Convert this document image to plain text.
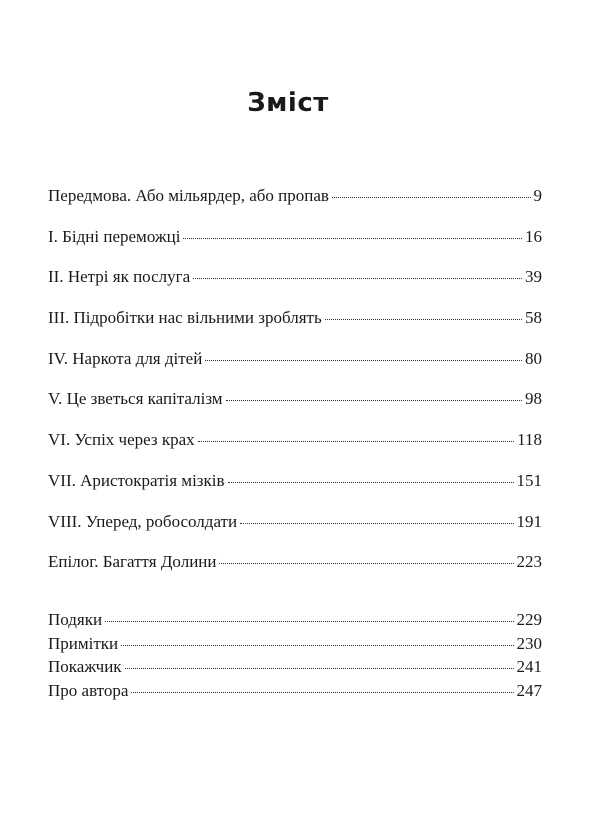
Зміст
Передмова. Або мільярдер, або пропав	9
I. Бідні переможці	16
II. Нетрі як послуга	39
III. Підробітки нас вільними зроблять	58
IV. Наркота для дітей	80
V. Це зветься капіталізм	98
VI. Успіх через крах	118
VII. Аристократія мізків	151
VIII. Уперед, робосолдати	191
Епілог. Багаття Долини	223
Подяки	229
Примітки	230
Покажчик	241
Про автора	247
